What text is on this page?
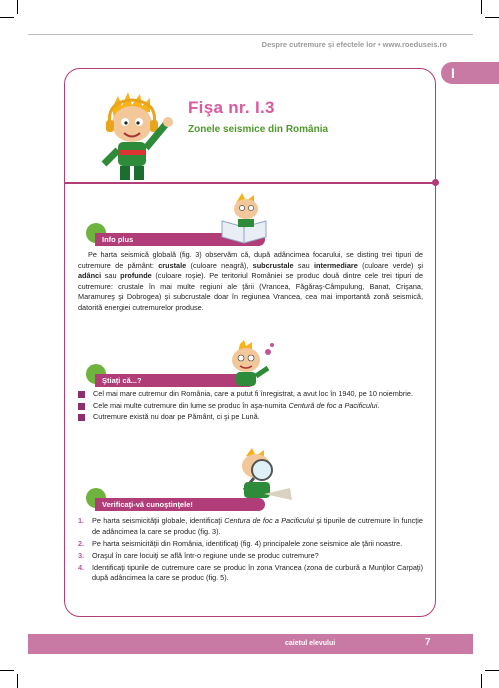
Despre cutremure și efectele lor • www.roeduseis.ro
I
Fişa nr. I.3
Zonele seismice din România
Info plus
Pe harta seismică globală (fig. 3) observăm că, după adâncimea focarului, se disting trei tipuri de cutremure de pământ: crustale (culoare neagră), subcrustale sau intermediare (culoare verde) şi adânci sau profunde (culoare roşie). Pe teritoriul României se produc două dintre cele trei tipuri de cutremure: crustale în mai multe regiuni ale ţării (Vrancea, Făgăraş-Câmpulung, Banat, Crişana, Maramureş şi Dobrogea) şi subcrustale doar în regiunea Vrancea, cea mai importantă zonă seismică, datorită energiei cutremurelor produse.
Ştiaţi că...?
Cel mai mare cutremur din România, care a putut fi înregistrat, a avut loc în 1940, pe 10 noiembrie.
Cele mai multe cutremure din lume se produc în aşa-numita Centură de foc a Pacificului.
Cutremure există nu doar pe Pământ, ci şi pe Lună.
Verificaţi-vă cunoştinţele!
1. Pe harta seismicităţii globale, identificaţi Centura de foc a Pacificului şi tipurile de cutremure în funcţie de adâncimea la care se produc (fig. 3).
2. Pe harta seismicităţii din România, identificaţi (fig. 4) principalele zone seismice ale ţării noastre.
3. Oraşul în care locuiţi se află într-o regiune unde se produc cutremure?
4. Identificaţi tipurile de cutremure care se produc în zona Vrancea (zona de curbură a Munţilor Carpaţi) după adâncimea la care se produc (fig. 5).
caietul elevului	7
